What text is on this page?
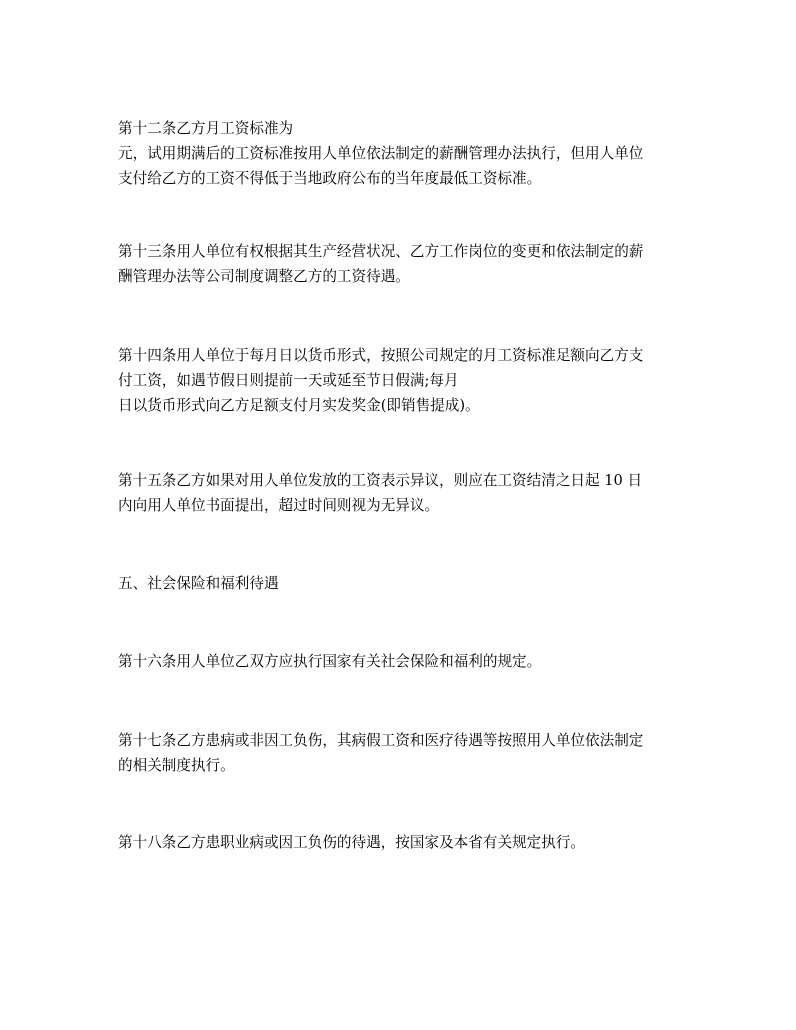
第十二条乙方月工资标准为
元，试用期满后的工资标准按用人单位依法制定的薪酬管理办法执行，但用人单位
支付给乙方的工资不得低于当地政府公布的当年度最低工资标准。
第十三条用人单位有权根据其生产经营状况、乙方工作岗位的变更和依法制定的薪
酬管理办法等公司制度调整乙方的工资待遇。
第十四条用人单位于每月日以货币形式，按照公司规定的月工资标准足额向乙方支
付工资，如遇节假日则提前一天或延至节日假满;每月
日以货币形式向乙方足额支付月实发奖金(即销售提成)。
第十五条乙方如果对用人单位发放的工资表示异议，则应在工资结清之日起 10 日
内向用人单位书面提出，超过时间则视为无异议。
五、社会保险和福利待遇
第十六条用人单位乙双方应执行国家有关社会保险和福利的规定。
第十七条乙方患病或非因工负伤，其病假工资和医疗待遇等按照用人单位依法制定
的相关制度执行。
第十八条乙方患职业病或因工负伤的待遇，按国家及本省有关规定执行。
